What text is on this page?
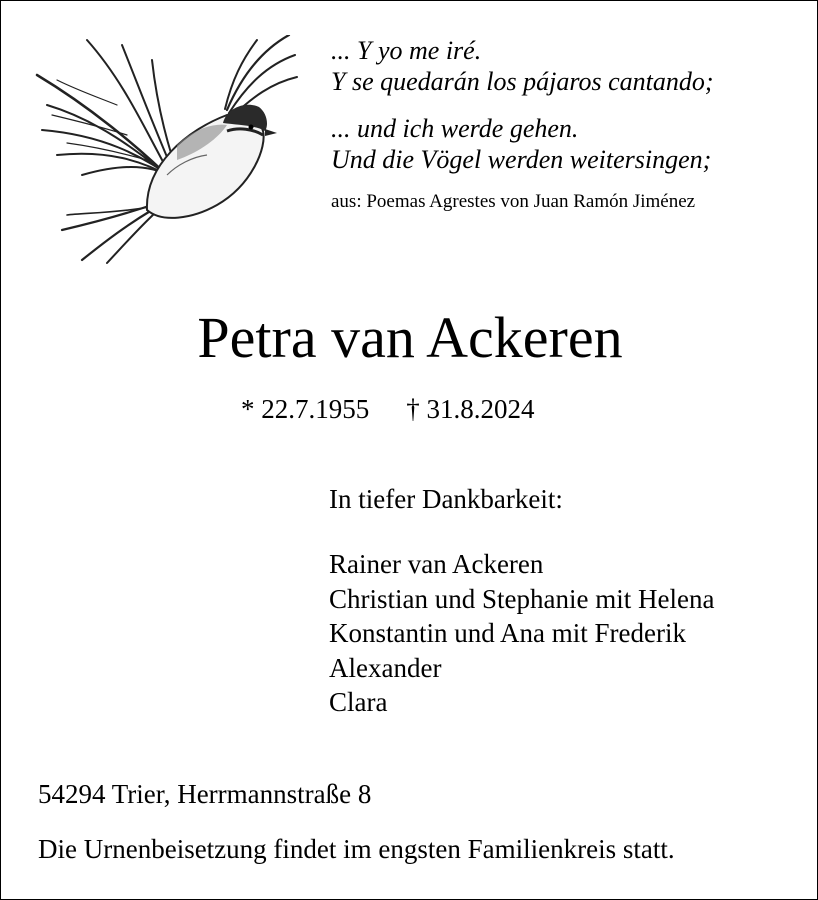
... Y yo me iré.
Y se quedarán los pájaros cantando;
... und ich werde gehen.
Und die Vögel werden weitersingen;
aus: Poemas Agrestes von Juan Ramón Jiménez
Petra van Ackeren
* 22.7.1955 † 31.8.2024
In tiefer Dankbarkeit:
Rainer van Ackeren
Christian und Stephanie mit Helena
Konstantin und Ana mit Frederik
Alexander
Clara
54294 Trier, Herrmannstraße 8
Die Urnenbeisetzung findet im engsten Familienkreis statt.
